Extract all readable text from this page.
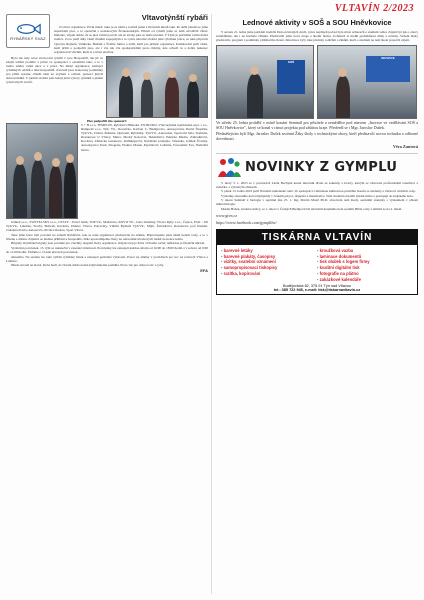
VLTAVÍN 2/2023
RYBÁŘSKÝ SVAZ
Vltavotýnští rybáři

Za život organizace. První měsíc roku je za námi a rovněž jeden z hlavních úkolů také. Po delší přestávce jsme uspořádali ples, a to společně s neziskovým Živnostenským. Přízeň od rybářů jsme se nám odvděčili vůbec hluboko, vtipně dobře, že se ples velmi povedl, ale ze strany ples se málo plesání. V Týně je pořádána velmi dobrá tradice. Za to patří díky všem členům zapojeným a to i přes náročné období plné rybářské práce, se také připravit výpravu Rejnant, Vambeka. Bednář a Švehla Junior a další, kteří pro přátele organizaci. Poděkování patří všem, kteří přišli a podpořili ples, ale i vše tak vše spolupořádání proto tištěny, kde odvedl tu a dobře nakonec organizovali všichni, kteří si a účast skvělou.

Bylo tak tedy nové stravovaní rybářů v roce Hospodáři, tak již ve zdejší schůzi probíhá a právě ve spolupráci s ostatními také, a to v tomto směru velké akce a v práci. Na místě organizace, zástupci rybářských oddílů a také hospodářů. Zároveň jsou stanoveny podmínky pro příští sezónu. Záleží nám na zvýšení a ochotě, pomocí jiných dobrovolníků. V jarním období pak čekají jarní výlovy rybníků a plnění rybolovných revírů.

Ples podpořili tito sponzoři:

S + H s.r.o. TEMELIN, Rybářství Hluboká, EXTRUDO, Vltavotýnská teplárenská spol. s r.o., Rumpold s.r.o. Týn/ Vlt., Rozsívka, Karbon C, Budějovice, Autoopravna David Šlapička, Týn/Vlt., Dobrá, Pekárna, Opticum, Rybářský, Týn/Vlt., Autosalon, Sportovní hala, Teplárna, Restaurace U Vltavy, Matra, Modrý Kolovrat, Sklenářství, Pekárna Mudra, Zahradnictví, Kovárna, Zámecká restaurace, Knihkupectví, Rybářská prodejna, Vinotéka, Jelínek Šťastný, Autodoprava Tesař, Drogerie, Elektro Marek, Papírnictví, Lékárna, Fotoateliér Eva, Nádražní bistro.

Jelikož s.r.o., SWETELSKY s.r.o., CESTY – Pavel Jeník, TOP Vlt., Matřenice, KOVO Vlt., Cena Zeleniny, Vltava Ryby s.r.o., Čepice, ESO – Jiří Týn/Vlt., Lékařna, Stavby Bohouš, Kavárna, Elektro Vltava, Potraviny, Vnitřní Bydlení Týn/Vlt., Mlýn, Železářství, Restaurace pod hradem, Cukrárna Pavla, Autoservis, Pivnice Radost, Sport Vltava.

Také jsme letos byli pozváni na veletrh Rybářství, kde se naše organizace představila na stánku. Připravujeme jarní úklid kolem vody, a to v březnu a dubnu. Zájemci se mohou přihlásit u hospodáře. Dále upozorňujeme členy na odevzdání úlovkových lístků do konce ledna.

Brigády. Rybářské brigády jsou povinné pro všechny dospělé členy organizace. Odpracovat je třeba 10 hodin ročně, náhradou je finanční úhrada.

Vydávání povolenek. 15. tým se uskuteční v zasedací místnosti. Povolenky lze zakoupit každou středu od 16:00 do 18:00 hodin a v sobotu od 9:00 do 11:00 hodin. Žádáme o včasné převzetí povolenek.

Aktualita. Na sezónu lze také vyřídit rybářský lístek a zakoupit potřebné vybavení. Pozor na změny v pravidlech pro lov na revírech Vltava a Lužnice.

Nikdo nevadí ne zlobě. Doba hodí, že člověk dobře nezná když někomu pomáhá. Proto vše pro dobrou věc a ryby.

EFA
Lednové aktivity v SOŠ a SOU Hněvkovice

V sobotu 21. ledna jsme pořádali tradiční Den otevřených dveří, i přes nepřízeň počasí byla účast uchazečů o studium velká. Zájem byl jak o obory zemědělské, tak i na kuchaře číšníka. Představili jsme nové stroje a školní farmu. Uchazeči si mohli prohlédnout dílny a učebny. Vedení školy představilo program i podmínky přijímacího řízení. Informace byly také předány rodičům a žákům, kteří o studium na naší škole projevili zájem.

SOŠ
INOVACE
Ve středu 25. ledna proběhl v místě konání Seminář pro pěstitele a zemědělce pod názvem „Inovace ve vzdělávání SOŠ a SOU Hněvkovice", který se konal v rámci projektu pod záštitou kraje. Předvedl se i Mgr. Jaroslav Dušek.
Přednášejícím byli Mgr. Jaroslav Dušek sezónní Žáky školy s technickými obory, kteří představili novou techniku a odborné dovednosti.
Věra Zuntová
NOVINKY Z GYMPLU

V úterý 3. 1. 2023 se v prostorách Lázní Bechyně konal lékovník dívek ze sekundy a kvarty, kterým se věnovala profesionální tanečnice a trenérka, s výborným ohlasem.

V pátek 13. ledna 2023 patří Národní studentské ceně. Ve spolupráci s městskou knihovnou proběhla beseda se studenty a vítězové obdrželi ceny.

Výsledky okresního kola Olympiády v českém jazyce, dějepisu a matematice. Naši studenti obsadili přední místa a postupují do krajského kola.

V únoru Seminář z biologie v septimě dne 25. 1. Ing. Martin Musil Ph.D. absolvent naší školy, seznámil studenty s výzkumem v oblasti mikrobiologie.

Martin Hašek, student oktávy, se 1. února v Českých Budějovicích zúčastnil krajského kola soutěže Bible a my a umístil se na 2. místě.

www.gtvn.cz
https://www.facebook.com/gymplthv/
TISKÁRNA VLTAVÍN
- barevné letáky
- barevné plakáty, časopisy
- vizitky, svatební oznámení
- samopropisovací tiskopisy
- razítka, kopírování
- kroužková vazba
- laminace dokumentů
- tisk obálek s logem firmy
- kvalitní digitální tisk
- fotografie na plátno
- zakázkové kalendáře
Budějovická 82, 375 01 Týn nad Vltavou
tel.: 385 722 945, e-mail: tisk@tiskarnavltavin.cz
